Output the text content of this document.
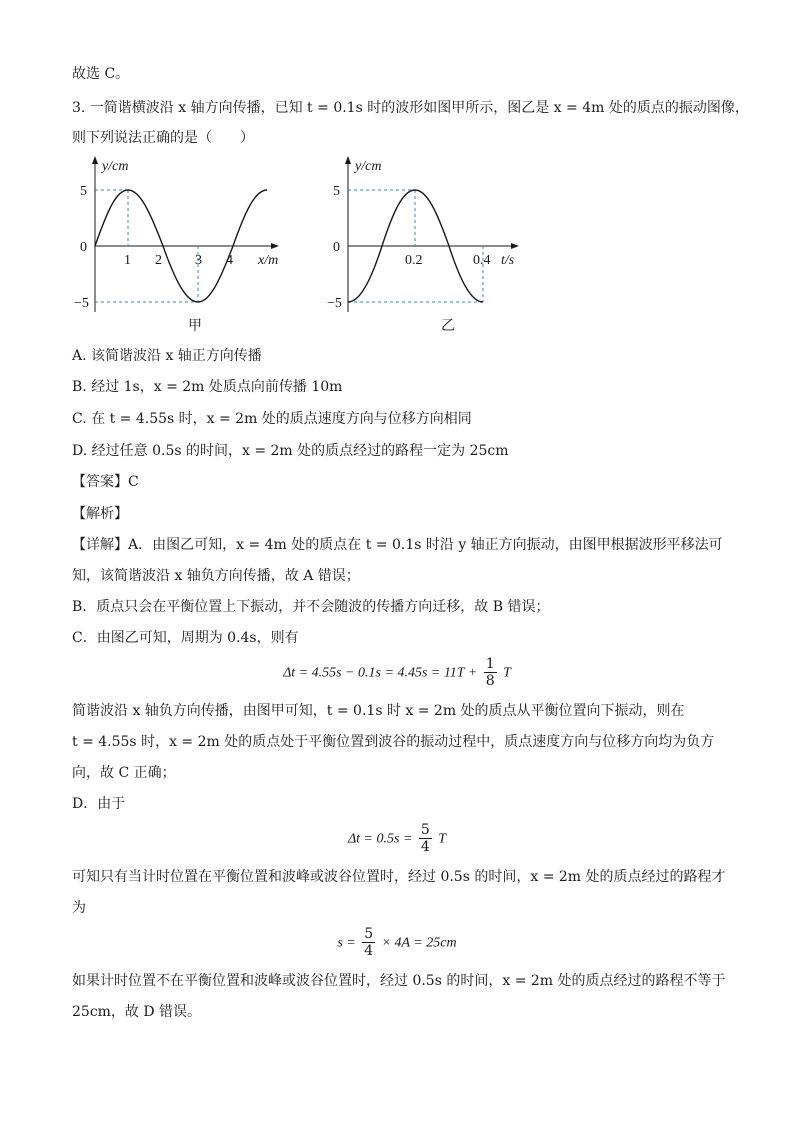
故选 C。
3. 一简谐横波沿 x 轴方向传播，已知 t = 0.1s 时的波形如图甲所示，图乙是 x = 4m 处的质点的振动图像，
则下列说法正确的是（　　）
y/cm
5
0
−5
1 2 3 4 x/m
甲
y/cm
5
0
−5
0.2	0.4 t/s
乙
A. 该简谐波沿 x 轴正方向传播
B. 经过 1s，x = 2m 处质点向前传播 10m
C. 在 t = 4.55s 时，x = 2m 处的质点速度方向与位移方向相同
D. 经过任意 0.5s 的时间，x = 2m 处的质点经过的路程一定为 25cm
【答案】C
【解析】
【详解】A．由图乙可知，x = 4m 处的质点在 t = 0.1s 时沿 y 轴正方向振动，由图甲根据波形平移法可
知，该简谐波沿 x 轴负方向传播，故 A 错误；
B．质点只会在平衡位置上下振动，并不会随波的传播方向迁移，故 B 错误；
C．由图乙可知，周期为 0.4s，则有
$\Delta t = 4.55s - 0.1s = 4.45s = 11T + \frac{1}{8}$ T
简谐波沿 x 轴负方向传播，由图甲可知，t = 0.1s 时 x = 2m 处的质点从平衡位置向下振动，则在
t = 4.55s 时，x = 2m 处的质点处于平衡位置到波谷的振动过程中，质点速度方向与位移方向均为负方
向，故 C 正确；
D．由于
$\Delta t = 0.5s = \frac{5}{4}$ T
可知只有当计时位置在平衡位置和波峰或波谷位置时，经过 0.5s 的时间，x = 2m 处的质点经过的路程才
为
$s = \frac{5}{4} \times 4A = 25cm$
如果计时位置不在平衡位置和波峰或波谷位置时，经过 0.5s 的时间，x = 2m 处的质点经过的路程不等于
25cm，故 D 错误。
